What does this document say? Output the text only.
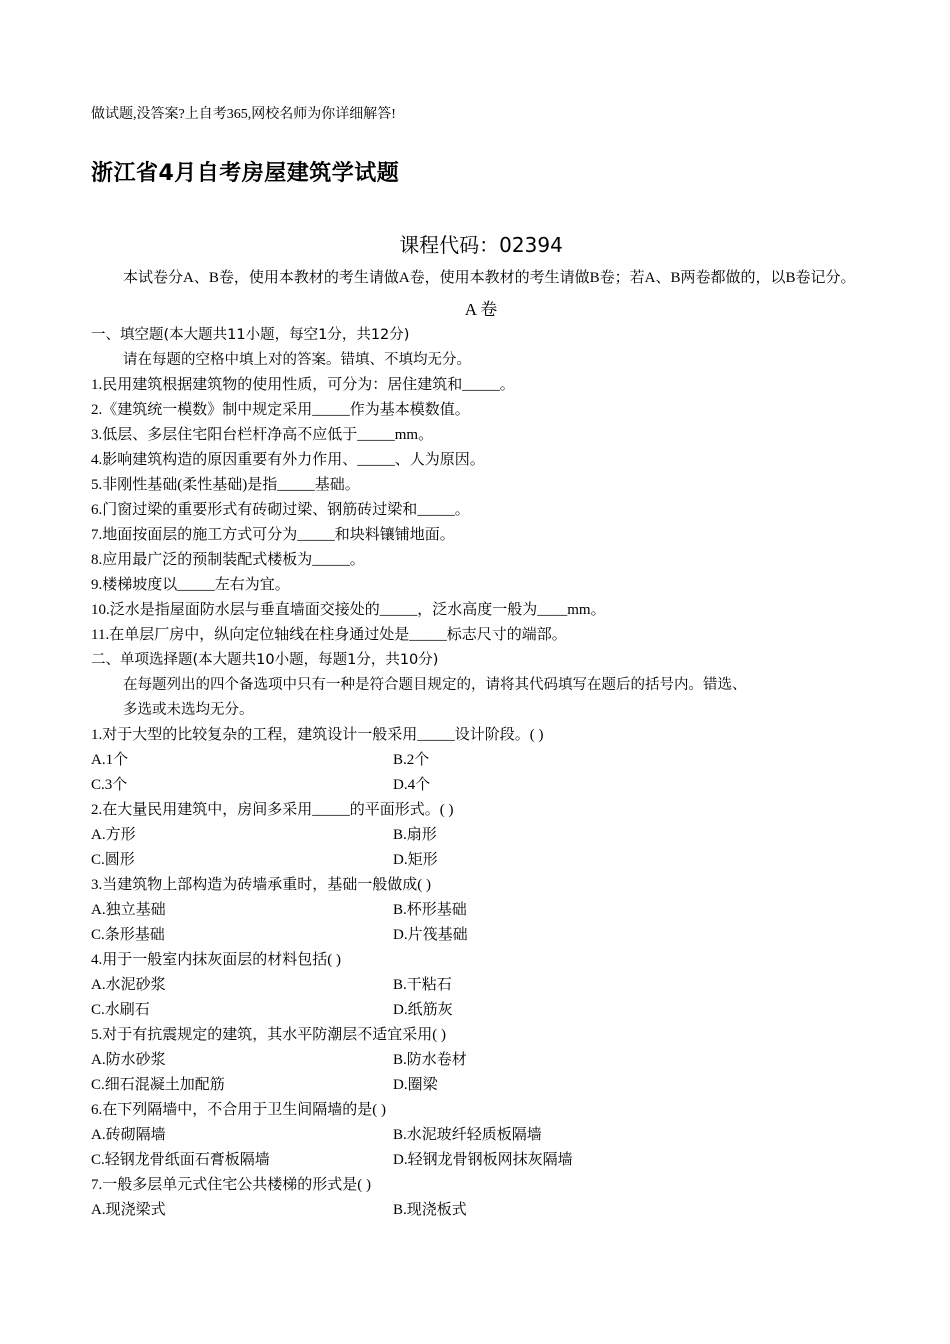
做试题,没答案?上自考365,网校名师为你详细解答!
浙江省4月自考房屋建筑学试题
课程代码：02394

本试卷分A、B卷，使用本教材的考生请做A卷，使用本教材的考生请做B卷；若A、B两卷都做的，以B卷记分。

A 卷
一、填空题(本大题共11小题，每空1分，共12分)
请在每题的空格中填上对的答案。错填、不填均无分。
1.民用建筑根据建筑物的使用性质，可分为：居住建筑和_____。
2.《建筑统一模数》制中规定采用_____作为基本模数值。
3.低层、多层住宅阳台栏杆净高不应低于_____mm。
4.影响建筑构造的原因重要有外力作用、_____、人为原因。
5.非刚性基础(柔性基础)是指_____基础。
6.门窗过梁的重要形式有砖砌过梁、钢筋砖过梁和_____。
7.地面按面层的施工方式可分为_____和块料镶铺地面。
8.应用最广泛的预制装配式楼板为_____。
9.楼梯坡度以_____左右为宜。
10.泛水是指屋面防水层与垂直墙面交接处的_____，泛水高度一般为____mm。
11.在单层厂房中，纵向定位轴线在柱身通过处是_____标志尺寸的端部。
二、单项选择题(本大题共10小题，每题1分，共10分)
在每题列出的四个备选项中只有一种是符合题目规定的，请将其代码填写在题后的括号内。错选、
多选或未选均无分。
1.对于大型的比较复杂的工程，建筑设计一般采用_____设计阶段。( )
A.1个	B.2个
C.3个	D.4个
2.在大量民用建筑中，房间多采用_____的平面形式。( )
A.方形	B.扇形
C.圆形	D.矩形
3.当建筑物上部构造为砖墙承重时，基础一般做成( )
A.独立基础	B.杯形基础
C.条形基础	D.片筏基础
4.用于一般室内抹灰面层的材料包括( )
A.水泥砂浆	B.干粘石
C.水刷石	D.纸筋灰
5.对于有抗震规定的建筑，其水平防潮层不适宜采用( )
A.防水砂浆	B.防水卷材
C.细石混凝土加配筋	D.圈梁
6.在下列隔墙中，不合用于卫生间隔墙的是( )
A.砖砌隔墙	B.水泥玻纤轻质板隔墙
C.轻钢龙骨纸面石膏板隔墙	D.轻钢龙骨钢板网抹灰隔墙
7.一般多层单元式住宅公共楼梯的形式是( )
A.现浇梁式	B.现浇板式
